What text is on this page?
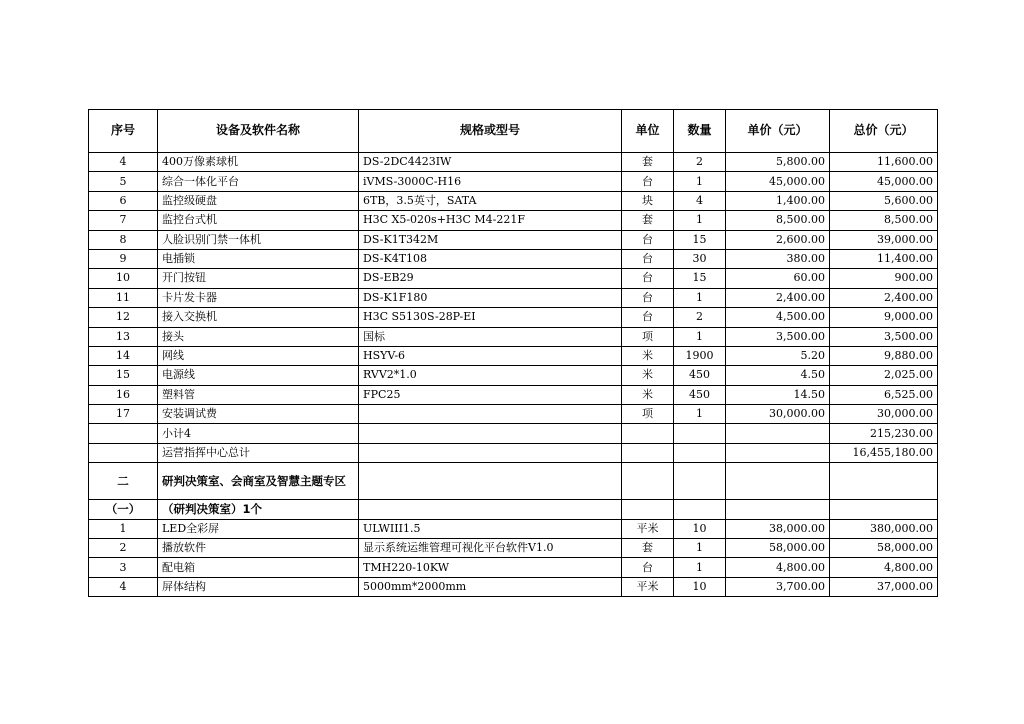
序号	设备及软件名称	规格或型号	单位	数量	单价（元）	总价（元）
4	400万像素球机	DS-2DC4423IW	套	2	5,800.00	11,600.00
5	综合一体化平台	iVMS-3000C-H16	台	1	45,000.00	45,000.00
6	监控级硬盘	6TB，3.5英寸，SATA	块	4	1,400.00	5,600.00
7	监控台式机	H3C X5-020s+H3C M4-221F	套	1	8,500.00	8,500.00
8	人脸识别门禁一体机	DS-K1T342M	台	15	2,600.00	39,000.00
9	电插锁	DS-K4T108	台	30	380.00	11,400.00
10	开门按钮	DS-EB29	台	15	60.00	900.00
11	卡片发卡器	DS-K1F180	台	1	2,400.00	2,400.00
12	接入交换机	H3C S5130S-28P-EI	台	2	4,500.00	9,000.00
13	接头	国标	项	1	3,500.00	3,500.00
14	网线	HSYV-6	米	1900	5.20	9,880.00
15	电源线	RVV2*1.0	米	450	4.50	2,025.00
16	塑料管	FPC25	米	450	14.50	6,525.00
17	安装调试费		项	1	30,000.00	30,000.00
	小计4					215,230.00
	运营指挥中心总计					16,455,180.00
二	研判决策室、会商室及智慧主题专区					
（一）	（研判决策室）1个					
1	LED全彩屏	ULWIII1.5	平米	10	38,000.00	380,000.00
2	播放软件	显示系统运维管理可视化平台软件V1.0	套	1	58,000.00	58,000.00
3	配电箱	TMH220-10KW	台	1	4,800.00	4,800.00
4	屏体结构	5000mm*2000mm	平米	10	3,700.00	37,000.00
